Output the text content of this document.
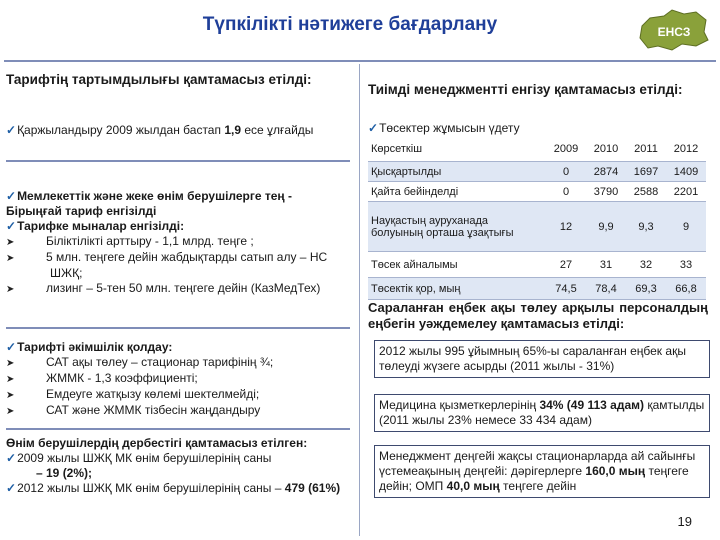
Түпкілікті нәтижеге бағдарлану	ЕНСЗ
Тарифтің тартымдылығы қамтамасыз етілді:
✓Қаржыландыру 2009 жылдан бастап 1,9 есе ұлғайды
✓Мемлекеттік және жеке өнім берушілерге тең - Бірыңғай тариф енгізілді
✓Тарифке мыналар енгізілді:
➤	Біліктілікті арттыру - 1,1 млрд. теңге ;
➤	5 млн. теңгеге дейін жабдықтарды сатып алу – НС ШЖҚ;
➤	лизинг – 5-тен 50 млн. теңгеге дейін (КазМедТех)
✓Тарифті әкімшілік қолдау:
➤	САТ ақы төлеу – стационар тарифінің ¾;
➤	ЖММК - 1,3 коэффициенті;
➤	Емдеуге жатқызу көлемі шектелмейді;
➤	САТ және ЖММК тізбесін жаңдандыру
Өнім берушілердің дербестігі қамтамасыз етілген:
✓2009 жылы ШЖҚ МК өнім берушілерінің саны
– 19 (2%);
✓2012 жылы ШЖҚ МК өнім берушілерінің саны – 479 (61%)
Тиімді менеджментті енгізу қамтамасыз етілді:
✓Төсектер жұмысын үдету
Көрсеткіш	2009	2010	2011	2012
Қысқартылды	0	2874	1697	1409
Қайта бейінделді	0	3790	2588	2201
Науқастың ауруханада болуының орташа ұзақтығы	12	9,9	9,3	9
Төсек айналымы	27	31	32	33
Төсектік қор, мың	74,5	78,4	69,3	66,8
Сараланған еңбек ақы төлеу арқылы персоналдың еңбегін уәждемелеу қамтамасыз етілді:
2012 жылы 995 ұйымның 65%-ы сараланған еңбек ақы төлеуді жүзеге асырды (2011 жылы - 31%)
Медицина қызметкерлерінің 34% (49 113 адам) қамтылды (2011 жылы 23% немесе 33 434 адам)
Менеджмент деңгейі жақсы стационарларда ай сайынғы үстемеақының деңгейі: дәрігерлерге 160,0 мың теңгеге дейін; ОМП 40,0 мың теңгеге дейін
19
